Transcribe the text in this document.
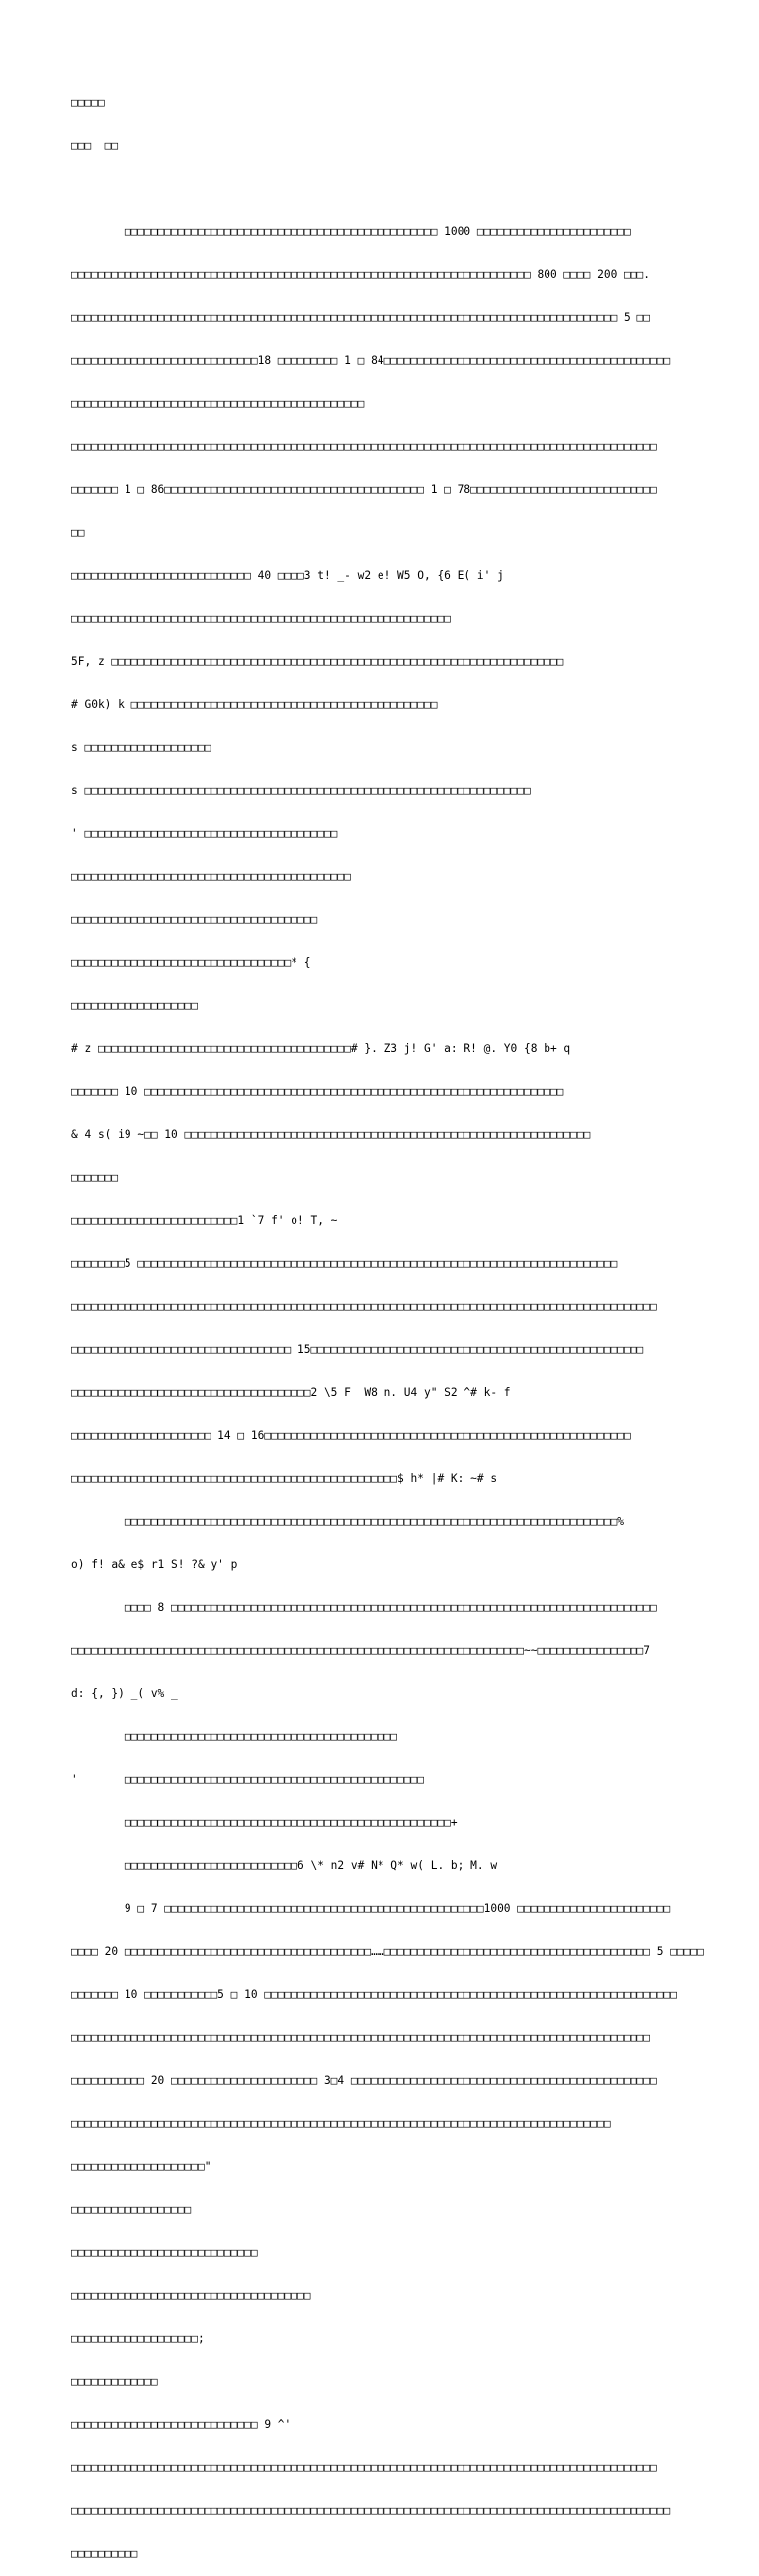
□□□□□

□□□  □□

□□□□□□□□□□□□□□□□□□□□□□□□□□□□□□□□□□□□□□□□□□□□□□□ 1000 □□□□□□□□□□□□□□□□□□□□□□□

□□□□□□□□□□□□□□□□□□□□□□□□□□□□□□□□□□□□□□□□□□□□□□□□□□□□□□□□□□□□□□□□□□□□□ 800 □□□□ 200 □□□.

□□□□□□□□□□□□□□□□□□□□□□□□□□□□□□□□□□□□□□□□□□□□□□□□□□□□□□□□□□□□□□□□□□□□□□□□□□□□□□□□□□ 5 □□

□□□□□□□□□□□□□□□□□□□□□□□□□□□□18 □□□□□□□□□ 1 □ 84□□□□□□□□□□□□□□□□□□□□□□□□□□□□□□□□□□□□□□□□□□□

□□□□□□□□□□□□□□□□□□□□□□□□□□□□□□□□□□□□□□□□□□□□

□□□□□□□□□□□□□□□□□□□□□□□□□□□□□□□□□□□□□□□□□□□□□□□□□□□□□□□□□□□□□□□□□□□□□□□□□□□□□□□□□□□□□□□□

□□□□□□□ 1 □ 86□□□□□□□□□□□□□□□□□□□□□□□□□□□□□□□□□□□□□□□ 1 □ 78□□□□□□□□□□□□□□□□□□□□□□□□□□□□

□□

□□□□□□□□□□□□□□□□□□□□□□□□□□□ 40 □□□□3 t! _- w2 e! W5 O, {6 E( i' j

□□□□□□□□□□□□□□□□□□□□□□□□□□□□□□□□□□□□□□□□□□□□□□□□□□□□□□□□□

5F, z □□□□□□□□□□□□□□□□□□□□□□□□□□□□□□□□□□□□□□□□□□□□□□□□□□□□□□□□□□□□□□□□□□□□

# G0k) k □□□□□□□□□□□□□□□□□□□□□□□□□□□□□□□□□□□□□□□□□□□□□□

s □□□□□□□□□□□□□□□□□□□

s □□□□□□□□□□□□□□□□□□□□□□□□□□□□□□□□□□□□□□□□□□□□□□□□□□□□□□□□□□□□□□□□□□□

' □□□□□□□□□□□□□□□□□□□□□□□□□□□□□□□□□□□□□□

□□□□□□□□□□□□□□□□□□□□□□□□□□□□□□□□□□□□□□□□□□

□□□□□□□□□□□□□□□□□□□□□□□□□□□□□□□□□□□□□

□□□□□□□□□□□□□□□□□□□□□□□□□□□□□□□□□* {

□□□□□□□□□□□□□□□□□□□

# z □□□□□□□□□□□□□□□□□□□□□□□□□□□□□□□□□□□□□□# }. Z3 j! G' a: R! @. Y0 {8 b+ q

□□□□□□□ 10 □□□□□□□□□□□□□□□□□□□□□□□□□□□□□□□□□□□□□□□□□□□□□□□□□□□□□□□□□□□□□□□

& 4 s( i9 ~□□ 10 □□□□□□□□□□□□□□□□□□□□□□□□□□□□□□□□□□□□□□□□□□□□□□□□□□□□□□□□□□□□□

□□□□□□□

□□□□□□□□□□□□□□□□□□□□□□□□□1 `7 f' o! T, ~

□□□□□□□□5 □□□□□□□□□□□□□□□□□□□□□□□□□□□□□□□□□□□□□□□□□□□□□□□□□□□□□□□□□□□□□□□□□□□□□□□□

□□□□□□□□□□□□□□□□□□□□□□□□□□□□□□□□□□□□□□□□□□□□□□□□□□□□□□□□□□□□□□□□□□□□□□□□□□□□□□□□□□□□□□□□

□□□□□□□□□□□□□□□□□□□□□□□□□□□□□□□□□ 15□□□□□□□□□□□□□□□□□□□□□□□□□□□□□□□□□□□□□□□□□□□□□□□□□□

□□□□□□□□□□□□□□□□□□□□□□□□□□□□□□□□□□□□2 \5 F  W8 n. U4 y" S2 ^# k- f

□□□□□□□□□□□□□□□□□□□□□ 14 □ 16□□□□□□□□□□□□□□□□□□□□□□□□□□□□□□□□□□□□□□□□□□□□□□□□□□□□□□□

□□□□□□□□□□□□□□□□□□□□□□□□□□□□□□□□□□□□□□□□□□□□□□□□□$ h* |# K: ~# s

□□□□□□□□□□□□□□□□□□□□□□□□□□□□□□□□□□□□□□□□□□□□□□□□□□□□□□□□□□□□□□□□□□□□□□□□□□%

o) f! a& e$ r1 S! ?& y' p

□□□□ 8 □□□□□□□□□□□□□□□□□□□□□□□□□□□□□□□□□□□□□□□□□□□□□□□□□□□□□□□□□□□□□□□□□□□□□□□□□

□□□□□□□□□□□□□□□□□□□□□□□□□□□□□□□□□□□□□□□□□□□□□□□□□□□□□□□□□□□□□□□□□□□□~~□□□□□□□□□□□□□□□□7

d: {, }) _( v% _

□□□□□□□□□□□□□□□□□□□□□□□□□□□□□□□□□□□□□□□□□

'       □□□□□□□□□□□□□□□□□□□□□□□□□□□□□□□□□□□□□□□□□□□□□

□□□□□□□□□□□□□□□□□□□□□□□□□□□□□□□□□□□□□□□□□□□□□□□□□+

□□□□□□□□□□□□□□□□□□□□□□□□□□6 \* n2 v# N* Q* w( L. b; M. w

9 □ 7 □□□□□□□□□□□□□□□□□□□□□□□□□□□□□□□□□□□□□□□□□□□□□□□□1000 □□□□□□□□□□□□□□□□□□□□□□□

□□□□ 20 □□□□□□□□□□□□□□□□□□□□□□□□□□□□□□□□□□□□□……□□□□□□□□□□□□□□□□□□□□□□□□□□□□□□□□□□□□□□□□ 5 □□□□□

□□□□□□□ 10 □□□□□□□□□□□5 □ 10 □□□□□□□□□□□□□□□□□□□□□□□□□□□□□□□□□□□□□□□□□□□□□□□□□□□□□□□□□□□□□□

□□□□□□□□□□□□□□□□□□□□□□□□□□□□□□□□□□□□□□□□□□□□□□□□□□□□□□□□□□□□□□□□□□□□□□□□□□□□□□□□□□□□□□□

□□□□□□□□□□□ 20 □□□□□□□□□□□□□□□□□□□□□□ 3□4 □□□□□□□□□□□□□□□□□□□□□□□□□□□□□□□□□□□□□□□□□□□□□□

□□□□□□□□□□□□□□□□□□□□□□□□□□□□□□□□□□□□□□□□□□□□□□□□□□□□□□□□□□□□□□□□□□□□□□□□□□□□□□□□□

□□□□□□□□□□□□□□□□□□□□"

□□□□□□□□□□□□□□□□□□

□□□□□□□□□□□□□□□□□□□□□□□□□□□□

□□□□□□□□□□□□□□□□□□□□□□□□□□□□□□□□□□□□

□□□□□□□□□□□□□□□□□□□;

□□□□□□□□□□□□□

□□□□□□□□□□□□□□□□□□□□□□□□□□□□ 9 ^'

□□□□□□□□□□□□□□□□□□□□□□□□□□□□□□□□□□□□□□□□□□□□□□□□□□□□□□□□□□□□□□□□□□□□□□□□□□□□□□□□□□□□□□□□

□□□□□□□□□□□□□□□□□□□□□□□□□□□□□□□□□□□□□□□□□□□□□□□□□□□□□□□□□□□□□□□□□□□□□□□□□□□□□□□□□□□□□□□□□□

□□□□□□□□□□
